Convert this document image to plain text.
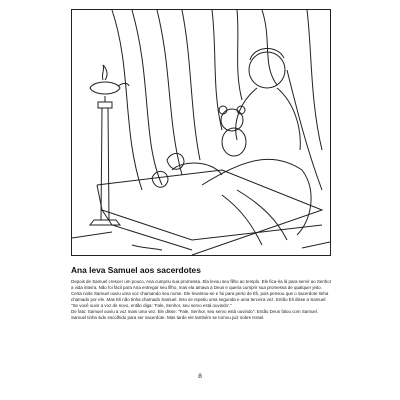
Ana leva Samuel aos sacerdotes

Depois de Samuel crescer um pouco, Ana cumpriu sua promessa. Ela levou seu filho ao templo. Ele fica-ria lá para servir ao Senhor a vida inteira. Não foi fácil para Ana entregar seu filho, mas ela amava a Deus e queria cumprir sua promessa de qualquer jeito.

Certa noite Samuel ouviu uma voz chamando seu nome. Ele levantou-se e foi para perto de Eli, pois pensou que o sacerdote tinha chamado por ele. Mas Eli não tinha chamado Samuel. Isso se repetiu uma segunda e uma terceira vez. Então Eli disse a Samuel: "Se você ouvir a voz de novo, então diga: 'Fale, Senhor, seu servo está ouvindo'."

De fato: Samuel ouviu a voz mais uma vez. Ele disse: "Fale, Senhor, seu servo está ouvindo". Então Deus falou com Samuel.

Samuel tinha sido escolhido para ser sacerdote. Mas tarde ele também se tornou juiz sobre Israel.

8
